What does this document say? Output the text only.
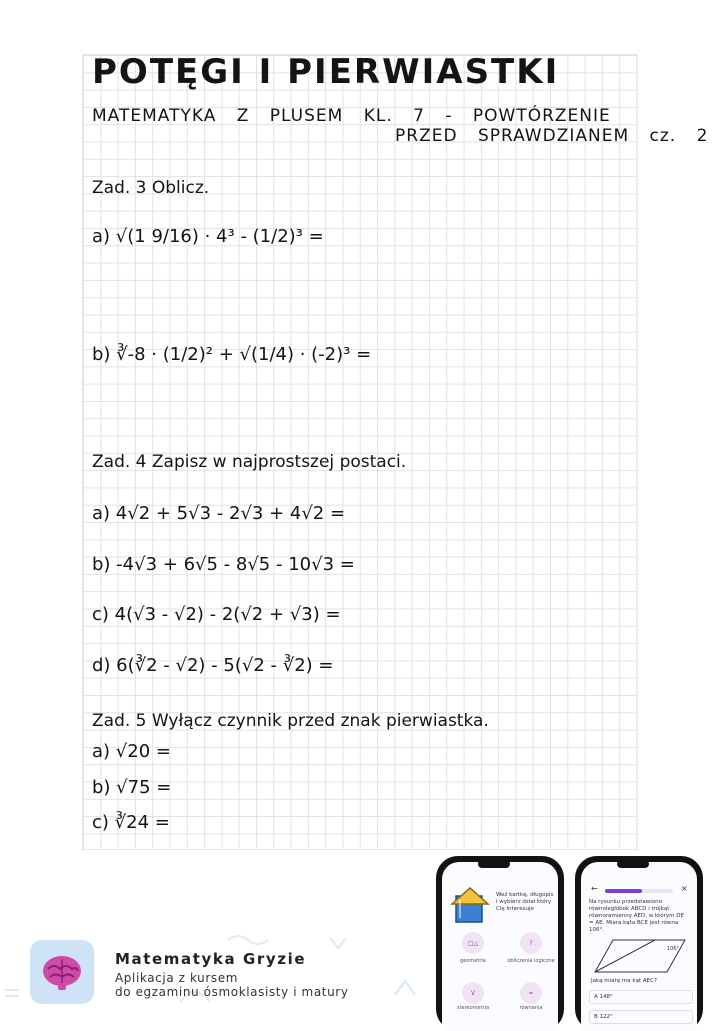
POTĘGI I PIERWIASTKI
MATEMATYKA Z PLUSEM KL. 7 - POWTÓRZENIE
PRZED SPRAWDZIANEM cz. 2
Zad. 3 Oblicz.
a) √(1 9/16) · 4³ - (1/2)³ =
b) ∛-8 · (1/2)² + √(1/4) · (-2)³ =
Zad. 4 Zapisz w najprostszej postaci.
a) 4√2 + 5√3 - 2√3 + 4√2 =
b) -4√3 + 6√5 - 8√5 - 10√3 =
c) 4(√3 - √2) - 2(√2 + √3) =
d) 6(∛2 - √2) - 5(√2 - ∛2) =
Zad. 5 Wyłącz czynnik przed znak pierwiastka.
a) √20 =
b) √75 =
c) ∛24 =
Matematyka Gryzie
Aplikacja z kursem
do egzaminu ósmoklasisty i matury
Weź kartkę, długopis i wybierz dział który Cię interesuje
□△
geometria
?
obliczenia logiczne
V
stereometria
=
równania
←	×
Na rysunku przedstawiono równoległobok ABCD i trójkąt równoramienny AED, w którym DE = AE. Miara kąta BCE jest równa 106°.
106°
Jaką miarę ma kąt AEC?
A 148°
B 122°
